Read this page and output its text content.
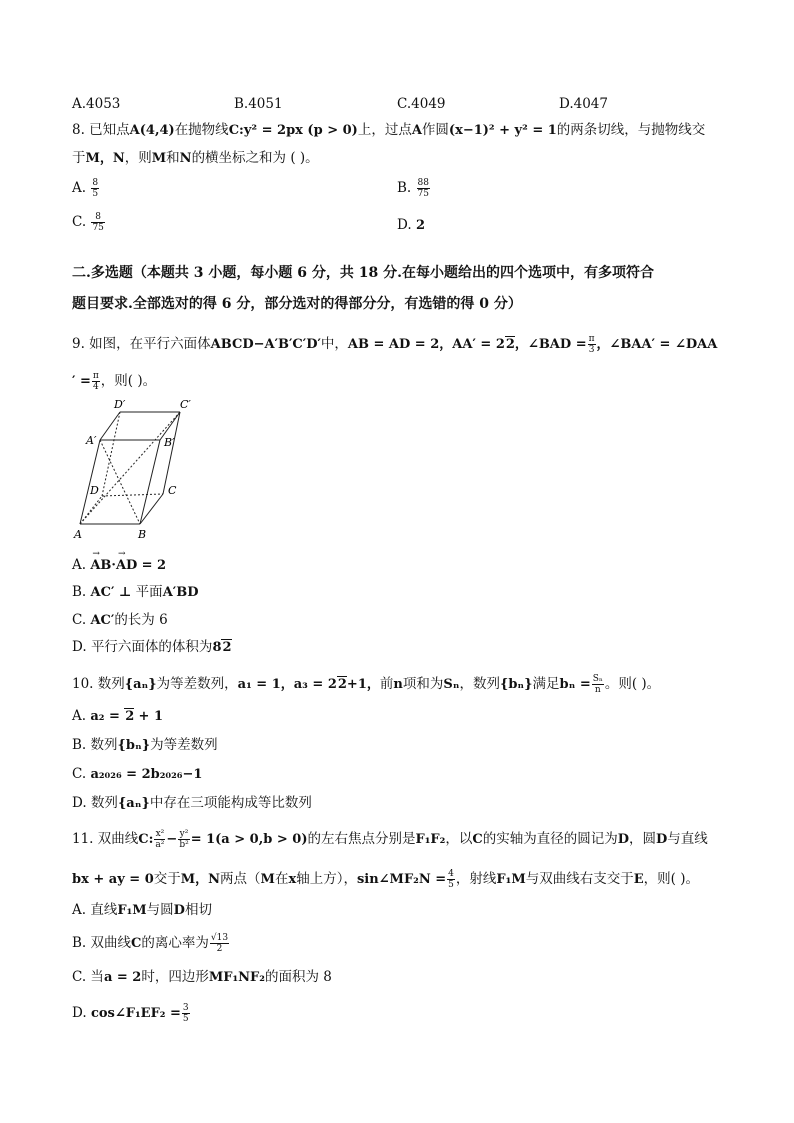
A.4053	B.4051	C.4049	D.4047
8. 已知点A(4,4)在抛物线C:y² = 2px (p > 0)上，过点A作圆(x−1)² + y² = 1的两条切线，与抛物线交
于M，N，则M和N的横坐标之和为 ( )。
A. $\frac{8}{5}$	B. $\frac{88}{75}$
C. $\frac{8}{75}$	D. 2
二.多选题（本题共 3 小题，每小题 6 分，共 18 分.在每小题给出的四个选项中，有多项符合
题目要求.全部选对的得 6 分，部分选对的得部分分，有选错的得 0 分）
9. 如图，在平行六面体ABCD−A′B′C′D′中，AB = AD = 2，AA′ = 22，∠BAD = $\frac{\pi}{3}$ ，∠BAA′ = ∠DAA
′ = $\frac{\pi}{4}$ ，则( )。
D′	C′
A′	B′
D	C
A	B
A.
→
AB·
→
AD = 2
B. AC′ ⊥ 平面A′BD
C. AC′的长为 6
D. 平行六面体的体积为82
10. 数列{aₙ}为等差数列，a₁ = 1，a₃ = 22+1，前n项和为Sₙ，数列{bₙ}满足$b_n = \frac{\text{Sₙ}}{n}$ 。则( )。
A. a₂ = 2 + 1
B. 数列{bₙ}为等差数列
C. a₂₀₂₆ = 2b₂₀₂₆−1
D. 数列{aₙ}中存在三项能构成等比数列
11. 双曲线C: $\frac{\text{x²}}{\text{a²}} - \frac{\text{y²}}{\text{b²}} = 1(a > 0,b > 0)$的左右焦点分别是F₁F₂，以C的实轴为直径的圆记为D，圆D与直线
bx + ay = 0交于M，N两点（M在x轴上方），sin∠MF₂N = $\frac{4}{5}$ ，射线F₁M与双曲线右支交于E，则( )。
A. 直线F₁M与圆D相切
B. 双曲线C的离心率为 $\frac{√13}{2}$
C. 当a = 2时，四边形MF₁NF₂的面积为 8
D. cos∠F₁EF₂ = $\frac{3}{5}$
